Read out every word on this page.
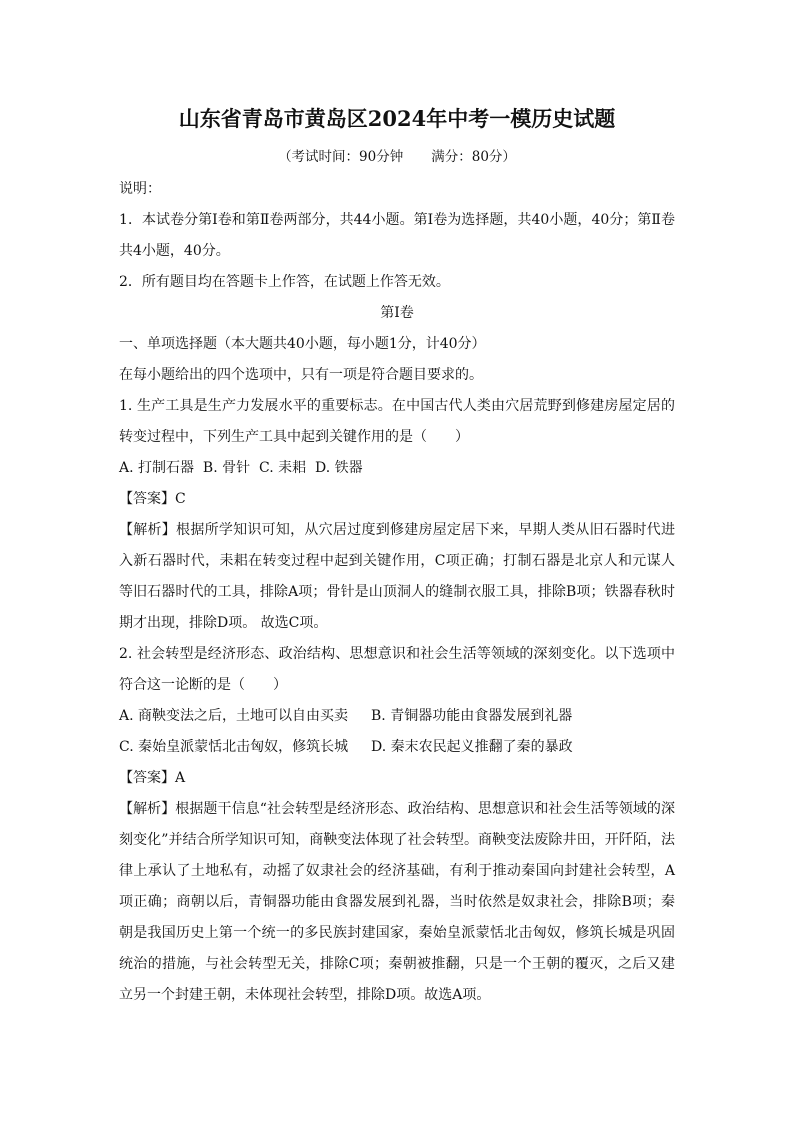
山东省青岛市黄岛区2024年中考一模历史试题
（考试时间：90分钟 满分：80分）

说明：

1．本试卷分第Ⅰ卷和第Ⅱ卷两部分，共44小题。第Ⅰ卷为选择题，共40小题，40分；第Ⅱ卷共4小题，40分。

2．所有题目均在答题卡上作答，在试题上作答无效。

第Ⅰ卷

一、单项选择题（本大题共40小题，每小题1分，计40分）

在每小题给出的四个选项中，只有一项是符合题目要求的。

1. 生产工具是生产力发展水平的重要标志。在中国古代人类由穴居荒野到修建房屋定居的转变过程中，下列生产工具中起到关键作用的是（　　）

A. 打制石器  B. 骨针  C. 耒耜  D. 铁器

【答案】C

【解析】根据所学知识可知，从穴居过度到修建房屋定居下来，早期人类从旧石器时代进入新石器时代，耒耜在转变过程中起到关键作用，C项正确；打制石器是北京人和元谋人等旧石器时代的工具，排除A项；骨针是山顶洞人的缝制衣服工具，排除B项；铁器春秋时期才出现，排除D项。 故选C项。

2. 社会转型是经济形态、政治结构、思想意识和社会生活等领域的深刻变化。以下选项中符合这一论断的是（　　）

A. 商鞅变法之后，土地可以自由买卖	B. 青铜器功能由食器发展到礼器
C. 秦始皇派蒙恬北击匈奴，修筑长城	D. 秦末农民起义推翻了秦的暴政

【答案】A

【解析】根据题干信息“社会转型是经济形态、政治结构、思想意识和社会生活等领域的深刻变化”并结合所学知识可知，商鞅变法体现了社会转型。商鞅变法废除井田，开阡陌，法律上承认了土地私有，动摇了奴隶社会的经济基础，有利于推动秦国向封建社会转型，A项正确；商朝以后，青铜器功能由食器发展到礼器，当时依然是奴隶社会，排除B项；秦朝是我国历史上第一个统一的多民族封建国家，秦始皇派蒙恬北击匈奴，修筑长城是巩固统治的措施，与社会转型无关，排除C项；秦朝被推翻，只是一个王朝的覆灭，之后又建立另一个封建王朝，未体现社会转型，排除D项。故选A项。
